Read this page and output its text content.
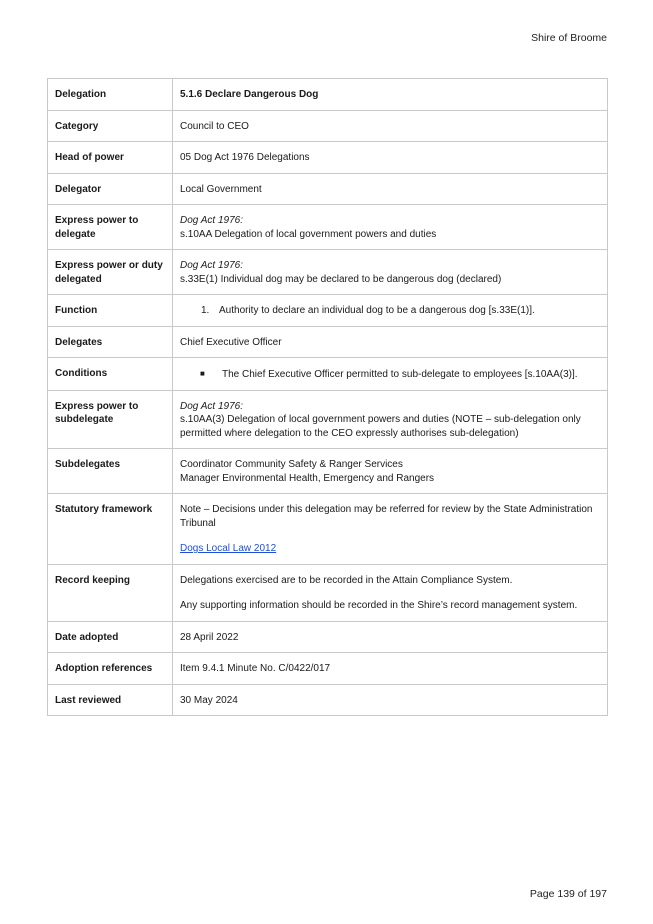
Shire of Broome
Delegation	5.1.6 Declare Dangerous Dog
Category	Council to CEO
Head of power	05 Dog Act 1976 Delegations
Delegator	Local Government
Express power to delegate	Dog Act 1976:
s.10AA Delegation of local government powers and duties
Express power or duty delegated	Dog Act 1976:
s.33E(1) Individual dog may be declared to be dangerous dog (declared)
Function	1. Authority to declare an individual dog to be a dangerous dog [s.33E(1)].

Delegates	Chief Executive Officer
Conditions	■ The Chief Executive Officer permitted to sub-delegate to employees [s.10AA(3)].

Express power to subdelegate	Dog Act 1976:
s.10AA(3) Delegation of local government powers and duties (NOTE – sub-delegation only permitted where delegation to the CEO expressly authorises sub-delegation)
Subdelegates	Coordinator Community Safety & Ranger Services
Manager Environmental Health, Emergency and Rangers

Statutory framework	Note – Decisions under this delegation may be referred for review by the State Administration Tribunal
Dogs Local Law 2012
Record keeping	Delegations exercised are to be recorded in the Attain Compliance System.
Any supporting information should be recorded in the Shire’s record management system.

Date adopted	28 April 2022
Adoption references	Item 9.4.1 Minute No. C/0422/017
Last reviewed	30 May 2024
Page 139 of 197
